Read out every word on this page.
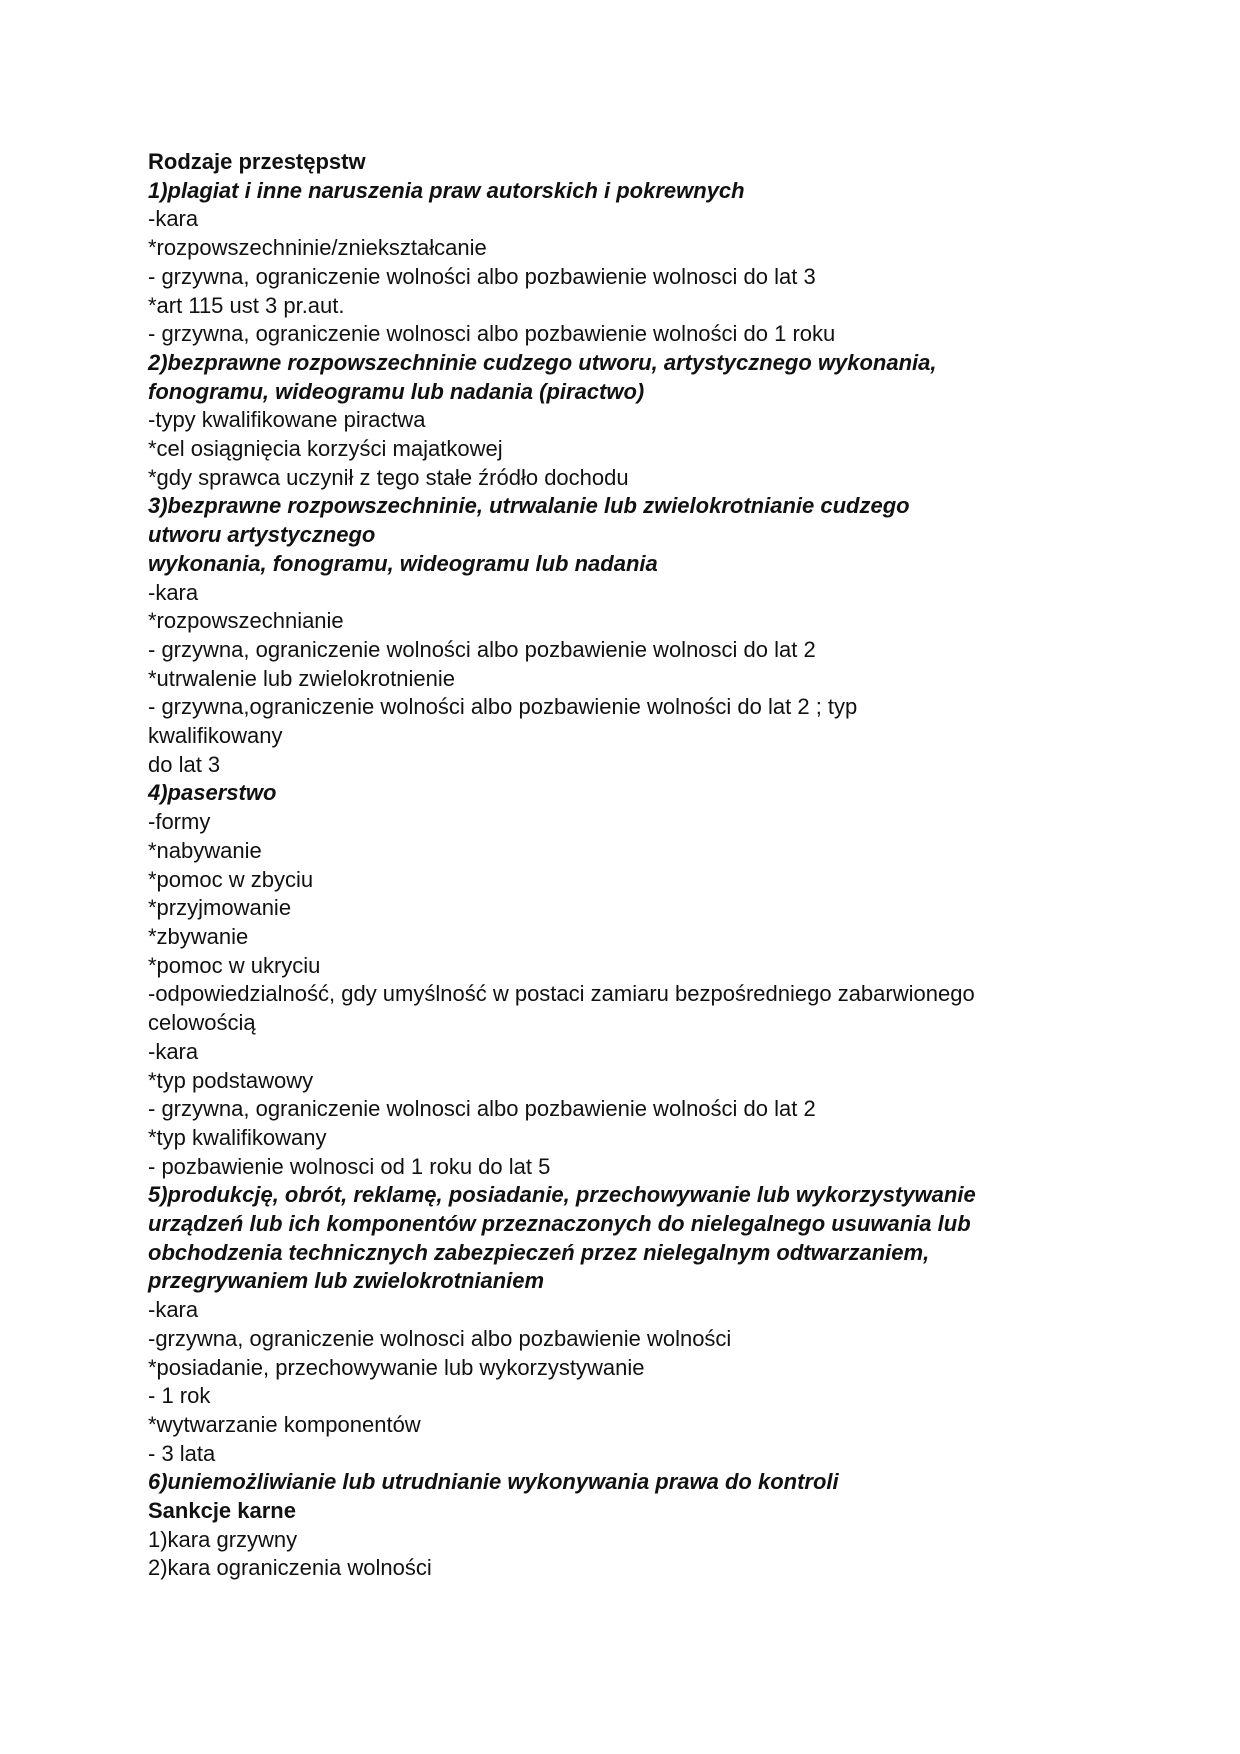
Rodzaje przestępstw
1)plagiat i inne naruszenia praw autorskich i pokrewnych
-kara
*rozpowszechninie/zniekształcanie
- grzywna, ograniczenie wolności albo pozbawienie wolnosci do lat 3
*art 115 ust 3 pr.aut.
- grzywna, ograniczenie wolnosci albo pozbawienie wolności do 1 roku
2)bezprawne rozpowszechninie cudzego utworu, artystycznego wykonania,
fonogramu, wideogramu lub nadania (piractwo)
-typy kwalifikowane piractwa
*cel osiągnięcia korzyści majatkowej
*gdy sprawca uczynił z tego stałe źródło dochodu
3)bezprawne rozpowszechninie, utrwalanie lub zwielokrotnianie cudzego
utworu artystycznego
wykonania, fonogramu, wideogramu lub nadania
-kara
*rozpowszechnianie
- grzywna, ograniczenie wolności albo pozbawienie wolnosci do lat 2
*utrwalenie lub zwielokrotnienie
- grzywna,ograniczenie wolności albo pozbawienie wolności do lat 2 ; typ
kwalifikowany
do lat 3
4)paserstwo
-formy
*nabywanie
*pomoc w zbyciu
*przyjmowanie
*zbywanie
*pomoc w ukryciu
-odpowiedzialność, gdy umyślność w postaci zamiaru bezpośredniego zabarwionego
celowością
-kara
*typ podstawowy
- grzywna, ograniczenie wolnosci albo pozbawienie wolności do lat 2
*typ kwalifikowany
- pozbawienie wolnosci od 1 roku do lat 5
5)produkcję, obrót, reklamę, posiadanie, przechowywanie lub wykorzystywanie
urządzeń lub ich komponentów przeznaczonych do nielegalnego usuwania lub
obchodzenia technicznych zabezpieczeń przez nielegalnym odtwarzaniem,
przegrywaniem lub zwielokrotnianiem
-kara
-grzywna, ograniczenie wolnosci albo pozbawienie wolności
*posiadanie, przechowywanie lub wykorzystywanie
- 1 rok
*wytwarzanie komponentów
- 3 lata
6)uniemożliwianie lub utrudnianie wykonywania prawa do kontroli
Sankcje karne
1)kara grzywny
2)kara ograniczenia wolności
